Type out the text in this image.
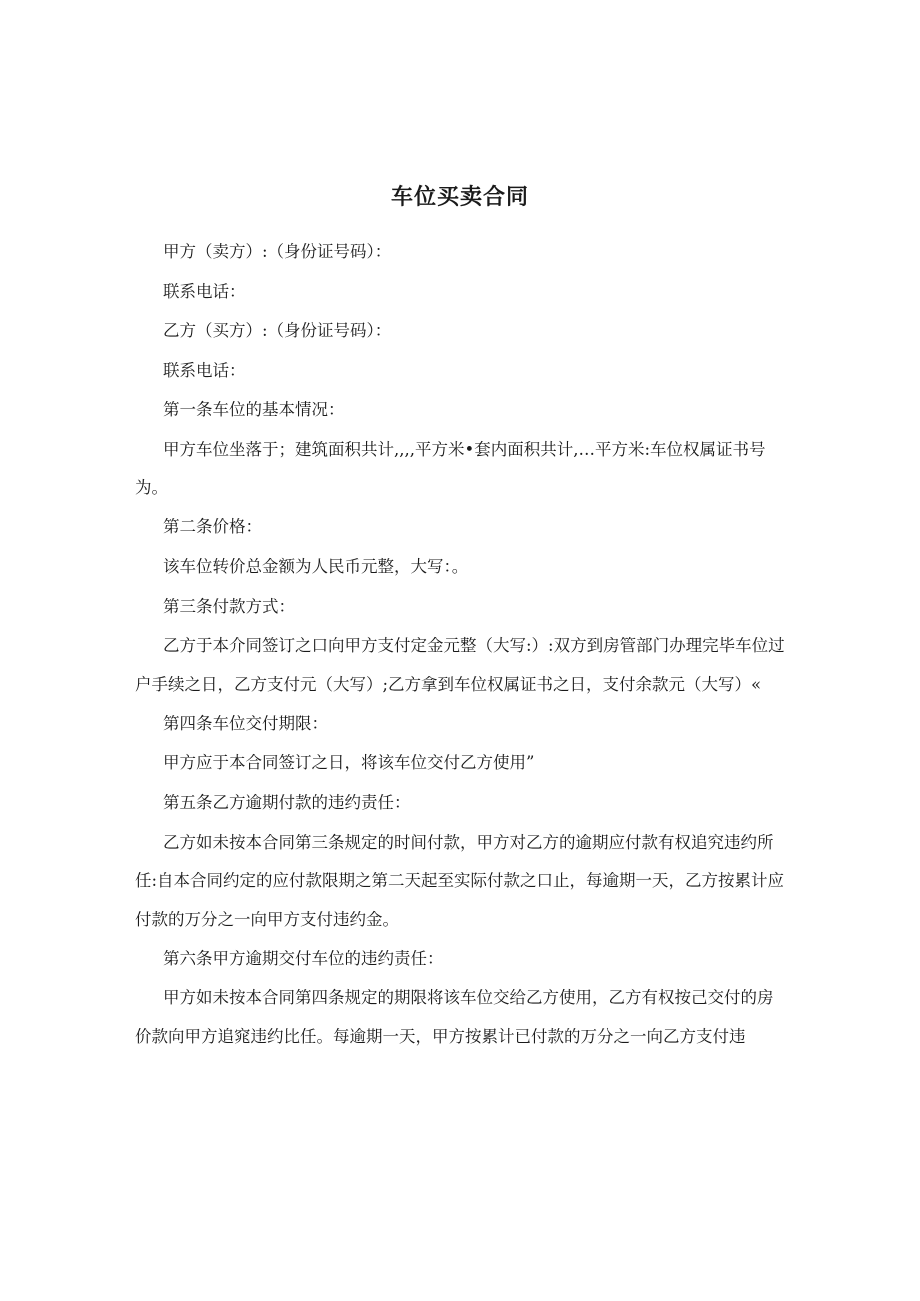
车位买卖合同

甲方（卖方）:（身份证号码）：

联系电话：

乙方（买方）:（身份证号码）：

联系电话：

第一条车位的基本情况：

甲方车位坐落于；建筑面积共计,,,,平方米•套内面积共计,…平方米:车位权属证书号为。

第二条价格：

该车位转价总金额为人民币元整，大写：。

第三条付款方式：

乙方于本介同签订之口向甲方支付定金元整（大写:）:双方到房管部门办理完毕车位过户手续之日，乙方支付元（大写）;乙方拿到车位权属证书之日，支付余款元（大写）«

第四条车位交付期限：

甲方应于本合同签订之日，将该车位交付乙方使用”

第五条乙方逾期付款的违约责任：

乙方如未按本合同第三条规定的时间付款，甲方对乙方的逾期应付款有权追究违约所任:自本合同约定的应付款限期之第二天起至实际付款之口止，每逾期一天，乙方按累计应付款的万分之一向甲方支付违约金。

第六条甲方逾期交付车位的违约责任：

甲方如未按本合同第四条规定的期限将该车位交给乙方使用，乙方有权按己交付的房价款向甲方追窕违约比任。每逾期一天，甲方按累计已付款的万分之一向乙方支付违
